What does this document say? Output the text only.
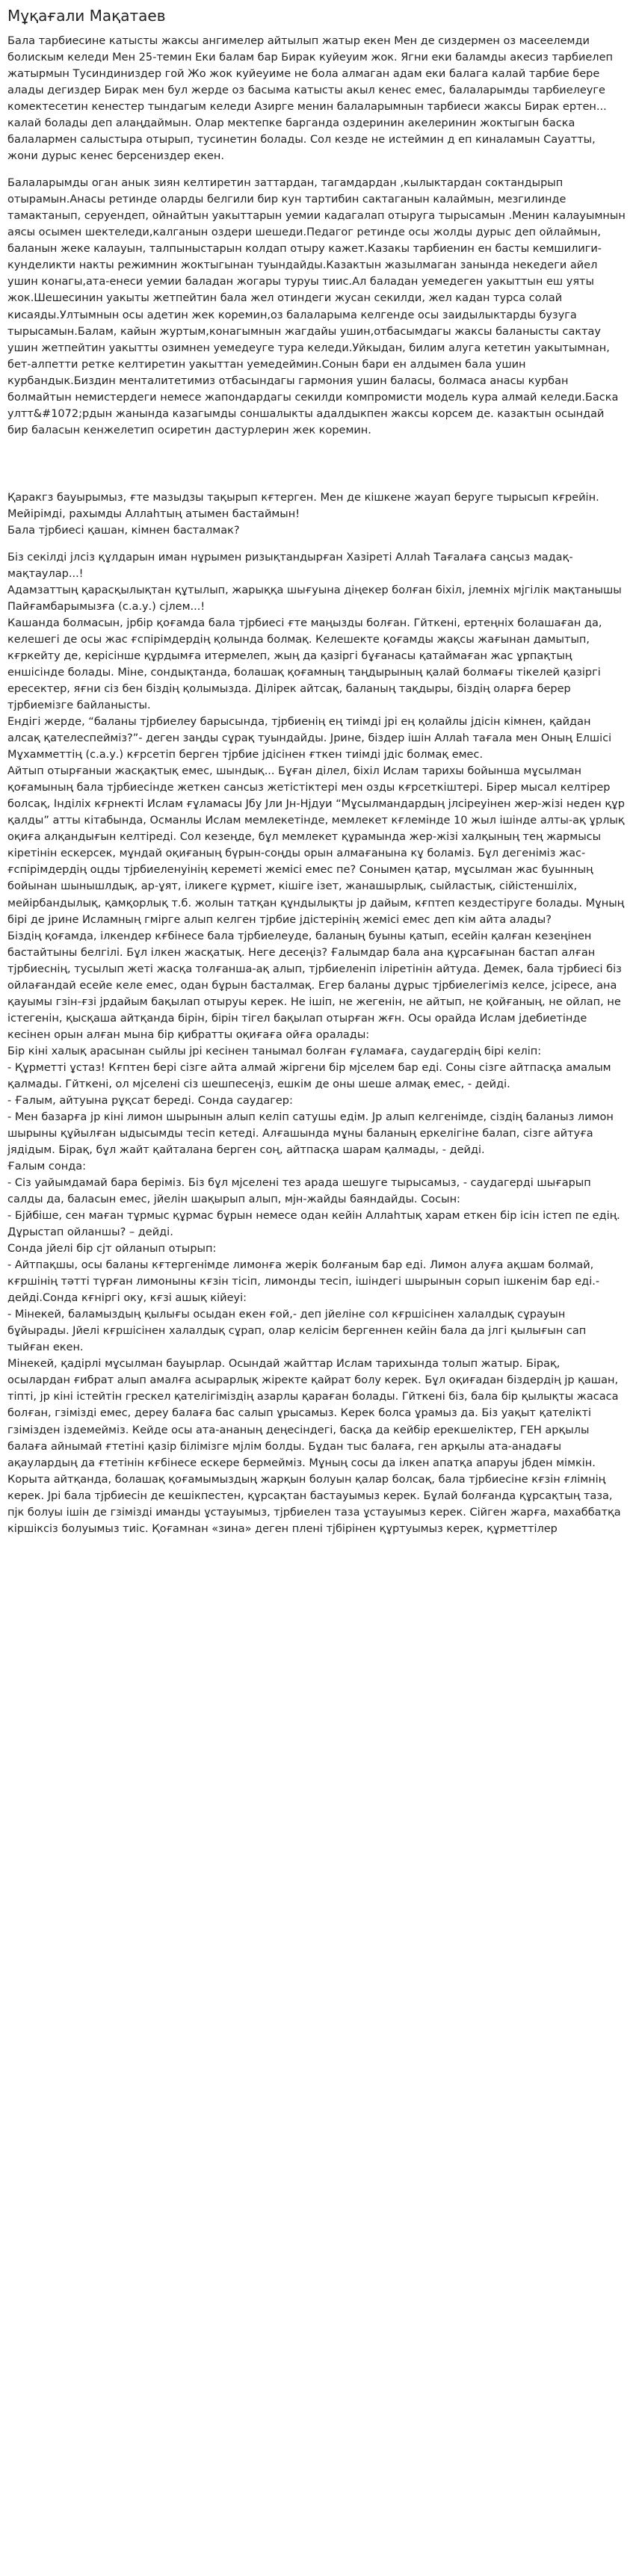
Мұқағали Мақатаев

Бала тарбиесине катысты жаксы ангимелер айтылып жатыр екен Мен де сиздермен оз масеелемди болискым келеди Мен 25-темин Еки балам бар Бирак куйеуим жок. Ягни еки баламды акесиз тарбиелеп жатырмын Тусиндиниздер гой Жо жок куйеуиме не бола алмаган адам еки балага калай тарбие бере алады дегиздер Бирак мен бул жерде оз басыма катысты акыл кенес емес, балаларымды тарбиелеуге комектесетин кенестер тындагым келеди Азирге менин балаларымнын тарбиеси жаксы Бирак ертен... калай болады деп алаңдаймын. Олар мектепке барганда оздеринин акелеринин жоктыгын баска балалармен салыстыра отырып, тусинетин болады. Сол кезде не истеймин д еп киналамын Сауатты, жони дурыс кенес берсениздер екен.

Балаларымды оган анык зиян келтиретин заттардан, тагамдардан ,кылыктардан соктандырып отырамын.Анасы ретинде оларды белгили бир кун тартибин сактаганын калаймын, мезгилинде тамактанып, серуендеп, ойнайтын уакыттарын уемии кадагалап отыруга тырысамын .Менин калауымнын аясы осымен шектеледи,калганын оздери шешеди.Педагог ретинде осы жолды дурыс деп ойлаймын, баланын жеке калауын, талпыныстарын колдап отыру кажет.Казакы тарбиенин ен басты кемшилиги- кунделикти накты режимнин жоктыгынан туындайды.Казактын жазылмаган занында некедеги айел ушин конагы,ата-енеси уемии баладан жогары туруы тиис.Ал баладан уемедеген уакыттын еш уяты жок.Шешесинин уакыты жетпейтин бала жел отиндеги жусан секилди, жел кадан турса солай кисаяды.Ултымнын осы адетин жек коремин,оз балаларыма келгенде осы заидылыктарды бузуга тырысамын.Балам, кайын журтым,конагымнын жагдайы ушин,отбасымдагы жаксы баланысты сактау ушин жетпейтин уакытты озимнен уемедеуге тура келеди.Уйкыдан, билим алуга кететин уакытымнан, бет-алпетти ретке келтиретин уакыттан уемедеймин.Сонын бари ен алдымен бала ушин курбандык.Биздин менталитетимиз отбасындагы гармония ушин баласы, болмаса анасы курбан болмайтын немистердеги немесе жапондардагы секилди компромисти модель кура алмай келеди.Баска ултт&#1072;рдын жанында казагымды соншалыкты адалдыкпен жаксы корсем де. казактын осындай бир баласын кенжелетип осиретин дастурлерин жек коремин.

Қаракгз бауырымыз, ғте мазыдзы тақырып кғтерген. Мен де кішкене жауап беруге тырысып кғрейін.
Мейірімді, рахымды Аллаһтың атымен бастаймын!
Бала тјрбиесі қашан, кімнен басталмак?

Біз секілді јлсіз құлдарын иман нұрымен ризықтандырған Хазіреті Аллаһ Тағалаға саңсыз мадақ-мақтаулар...!
Адамзаттың қарасқылықтан құтылып, жарыққа шығуына діңекер болған біхіл, јлемніх мјгілік мақтанышы Пайғамбарымызға (с.а.у.) сјлем...!
Кашанда болмасын, јрбір қоғамда бала тјрбиесі ғте маңызды болған. Гйткені, ертеңніх болашаған да, келешегі де осы жас ғспірімдердің қолында болмақ. Келешекте қоғамды жақсы жағынан дамытып, кғркейту де, керісінше құрдымға итермелеп, жың да қазіргі бұғанасы қатаймаған жас ұрпақтың еншісінде болады. Міне, сондықтанда, болашақ қоғамның таңдырының қалай болмағы тікелей қазіргі ересектер, яғни сіз бен біздің қолымызда. Ділірек айтсақ, баланың тақдыры, біздің оларға берер тјрбиемізге байланысты.
Ендігі жерде, “баланы тјрбиелеу барысында, тјрбиенің ең тиімді јрі ең қолайлы јдісін кімнен, қайдан алсақ қателеспейміз?”- деген заңды сұрақ туындайды. Јрине, біздер ішін Аллаһ тағала мен Оның Елшісі Мұхамметтің (с.а.у.) кғрсетіп берген тјрбие јдісінен ғткен тиімді јдіс болмақ емес.
Айтып отырғаныи жасқақтық емес, шындық... Бұған ділел, біхіл Ислам тарихы бойынша мұсылман қоғамының бала тјрбиесінде жеткен сансыз жетістіктері мен озды кғрсеткіштері. Бірер мысал келтірер болсақ, Інділіх кғрнекті Ислам ғұламасы Јбу Јли Јн-Нјдуи “Мұсылмандардың јлсіреуінен жер-жізі неден құр қалды” атты кітабында, Османлы Ислам мемлекетінде, мемлекет кғлемінде 10 жыл ішінде алты-ақ ұрлық оқиға алқандығын келтіреді. Сол кезеңде, бұл мемлекет құрамында жер-жізі халқының тең жармысы кіретінін ескерсек, мұндай оқиғаның бүрын-соңды орын алмағанына кұ боламіз. Бұл дегеніміз жас-ғспірімдердің оцды тјрбиеленуінің кереметі жемісі емес пе? Сонымен қатар, мұсылман жас буынның бойынан шынышлдық, ар-ұят, іликеге құрмет, кішіге ізет, жанашырлық, сыйластық, сійістеншіліх, мейірбандылық, қамқорлық т.б. жолын татқан құндылықты јр дайым, кғптеп кездестіруге болады. Мұның бірі де јрине Исламның гмірге алып келген тјрбие јдістерінің жемісі емес деп кім айта алады?
Біздің қоғамда, ілкендер кғбінесе бала тјрбиелеуде, баланың буыны қатып, есейін қалған кезеңінен бастайтыны белгілі. Бұл ілкен жасқатық. Неге десеңіз? Ғалымдар бала ана құрсағынан бастап алған тјрбиеснің, тусылып жеті жасқа толғанша-ақ алып, тјрбиеленіп іліретінін айтуда. Демек, бала тјрбиесі біз ойлағандай есейе келе емес, одан бұрын басталмақ. Егер баланы дұрыс тјрбиелегіміз келсе, јсіресе, ана қауымы гзін-ғзі јрдайым бақылап отыруы керек. Не ішіп, не жегенін, не айтып, не қойғаның, не ойлап, не істегенін, қысқаша айтқанда бірін, бірін тігел бақылап отырған жғн. Осы орайда Ислам јдебиетінде кесінен орын алған мына бір қибратты оқиғаға ойға оралады:
Бір кіні халық арасынан сыйлы јрі кесінен танымал болған ғұламаға, саудагердің бірі келіп:
- Құрметті ұстаз! Кғптен бері сізге айта алмай жіргени бір мјселем бар еді. Соны сізге айтпасқа амалым қалмады. Гйткені, ол мјселені сіз шешпесеңіз, ешкім де оны шеше алмақ емес, - дейді.
- Ғалым, айтуына рұқсат береді. Сонда саудагер:
- Мен базарға јр кіні лимон шырынын алып келіп сатушы едім. Јр алып келгенімде, сіздің баланыз лимон шырыны құйылған ыдысымды тесіп кетеді. Алғашында мұны баланың еркелігіне балап, сізге айтуға јядідым. Бірақ, бұл жайт қайталана берген соң, айтпасқа шарам қалмады, - дейді.
Ғалым сонда:
- Сіз уайымдамай бара беріміз. Біз бұл мјселені тез арада шешуге тырысамыз, - саудагерді шығарып салды да, баласын емес, јйелін шақырып алып, мјн-жайды баяндайды. Сосын:
- Бјйбіше, сен маған тұрмыс құрмас бұрын немесе одан кейін Аллаһтық харам еткен бір ісін істеп пе едің. Дұрыстап ойланшы? – дейді.
Сонда јйелі бір сјт ойланып отырып:
- Айтпақшы, осы баланы кғтергенімде лимонға жерік болғаным бар еді. Лимон алуға ақшам болмай, кғршінің тәтті түрған лимоныны кғзін тісіп, лимонды тесіп, ішіндегі шырынын сорып ішкенім бар еді.-дейді.Сонда кғніргі оку, кғзі ашық кійеуі:
- Мінекей, баламыздың қылығы осыдан екен ғой,- деп јйеліне сол кғршісінен халалдық сұрауын бұйырады. Јйелі кғршісінен халалдық сұрап, олар келісім бергеннен кейін бала да јлгі қылығын сап тыйған екен.
Мінекей, қадірлі мұсылман бауырлар. Осындай жайттар Ислам тарихында толып жатыр. Бірақ, осылардан ғибрат алып амалға асырарлық жіректе қайрат болу керек. Бұл оқиғадан біздердің јр қашан, тіпті, јр кіні істейтін грескел қателігіміздің азарлы қараған болады. Гйткені біз, бала бір қылықты жасаса болған, гзімізді емес, дереу балаға бас салып ұрысамыз. Керек болса ұрамыз да. Біз уақыт қателікті гзімізден іздемейміз. Кейде осы ата-ананың деңесіндегі, басқа да кейбір ерекшеліктер, ГЕН арқылы балаға айнымай ғтетіні қазір білімізге мјлім болды. Бұдан тыс балаға, ген арқылы ата-анадағы ақаулардың да ғтетінін кғбінесе ескере бермейміз. Мұның сосы да ілкен апатқа апаруы јбден мімкін.
Корыта айтқанда, болашақ қоғамымыздың жарқын болуын қалар болсақ, бала тјрбиесіне кғзін ғлімнің керек. Јрі бала тјрбиесін де кешікпестен, құрсақтан бастауымыз керек. Бұлай болғанда құрсақтың таза, пјк болуы ішін де гзімізді иманды ұстауымыз, тјрбиелен таза ұстауымыз керек. Сійген жарға, махаббатқа кіршіксіз болуымыз тиіс. Қоғамнан «зина» деген плені тјбірінен құртуымыз керек, құрметтілер
